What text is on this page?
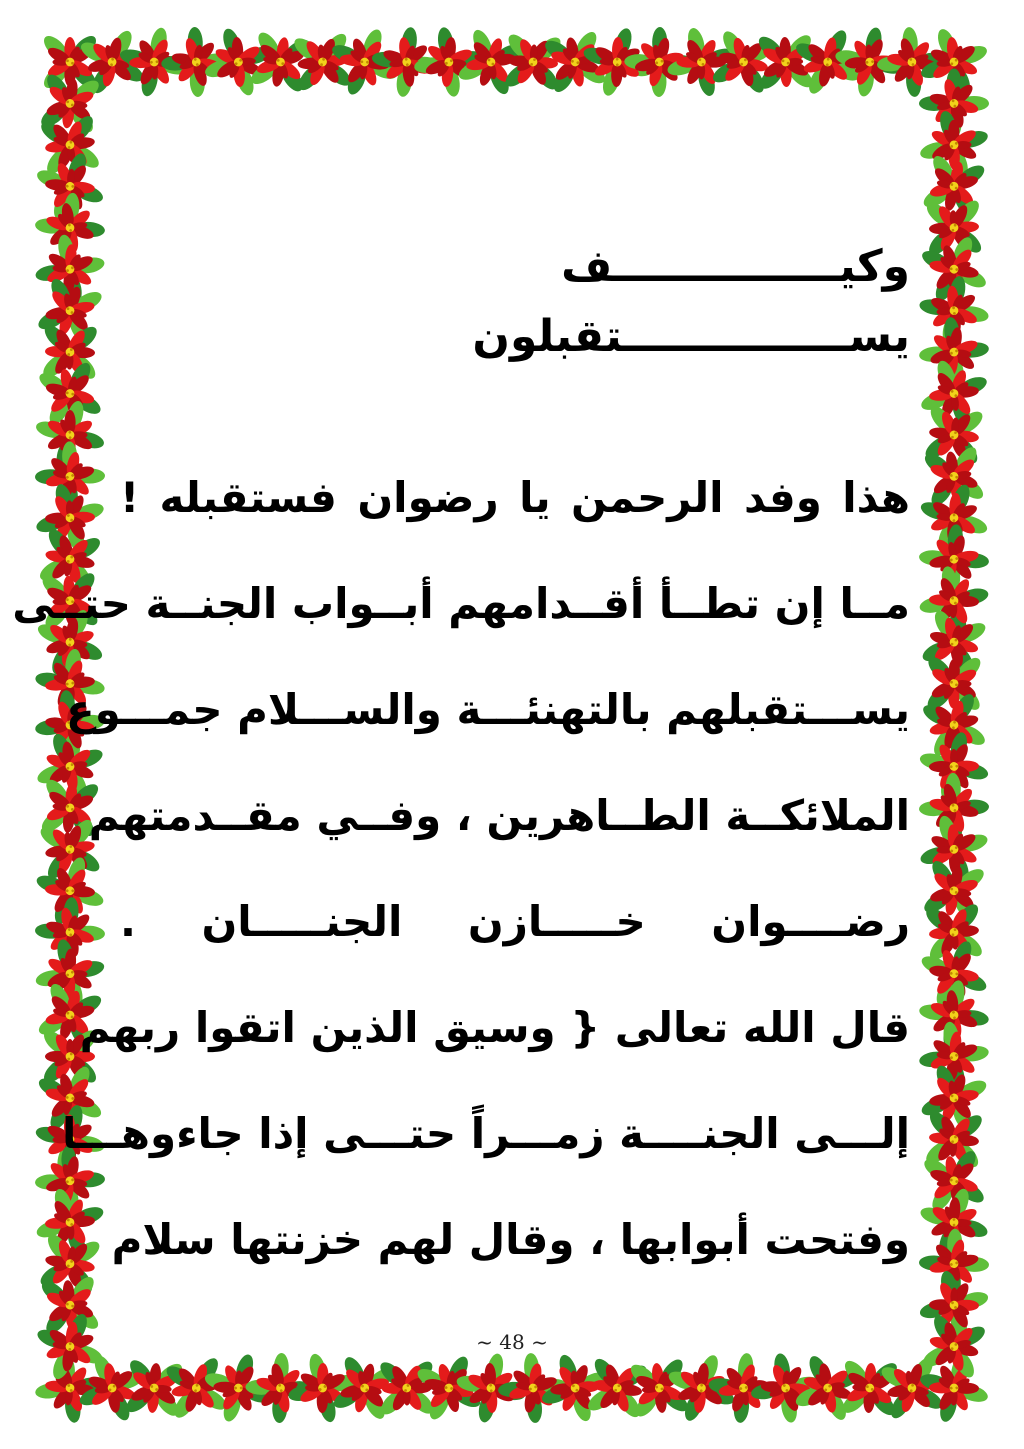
وكيـــــــــــــــف يســـــــــــــــتقبلون
هذا وفد الرحمن يا رضوان فستقبله !
مــا إن تطــأ أقــدامهم أبــواب الجنــة حتــى
يســـتقبلهم بالتهنئـــة والســـلام جمـــوع
الملائكــة الطــاهرين ، وفــي مقــدمتهم
رضــــوان خـــــازن الجنـــــان .
قال الله تعالى { وسيق الذين اتقوا ربهم
إلـــى الجنــــة زمـــراً حتـــى إذا جاءوهـــا
وفتحت أبوابها ، وقال لهم خزنتها سلام
~ 48 ~
